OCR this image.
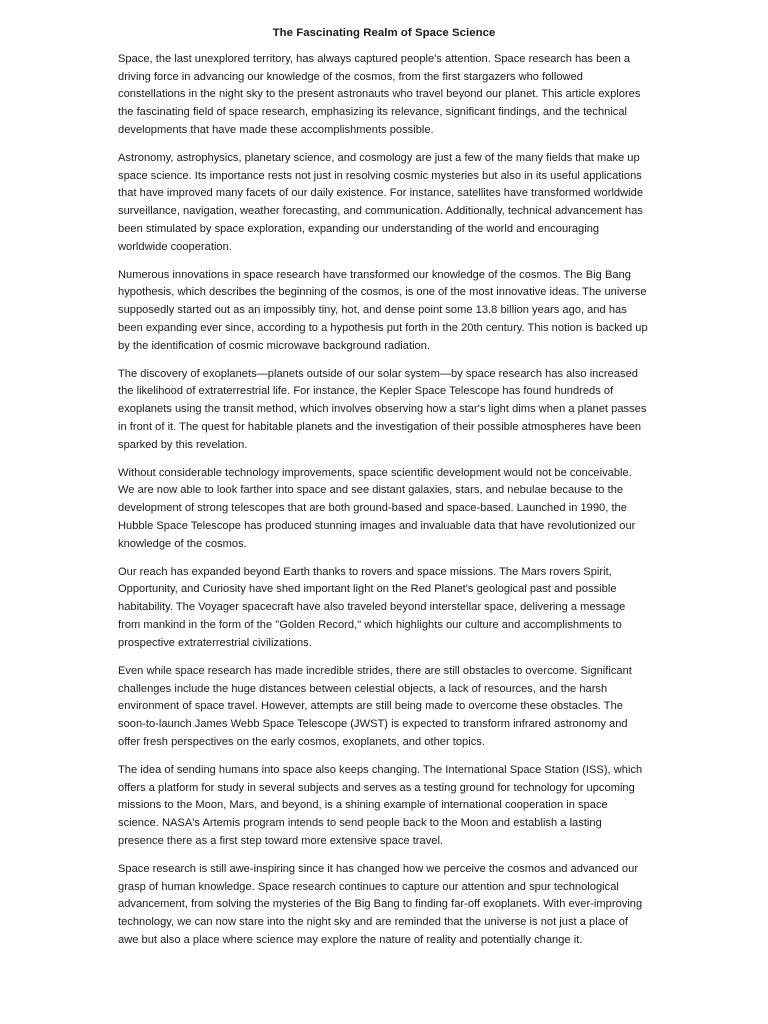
The Fascinating Realm of Space Science

Space, the last unexplored territory, has always captured people's attention. Space research has been a driving force in advancing our knowledge of the cosmos, from the first stargazers who followed constellations in the night sky to the present astronauts who travel beyond our planet. This article explores the fascinating field of space research, emphasizing its relevance, significant findings, and the technical developments that have made these accomplishments possible.

Astronomy, astrophysics, planetary science, and cosmology are just a few of the many fields that make up space science. Its importance rests not just in resolving cosmic mysteries but also in its useful applications that have improved many facets of our daily existence. For instance, satellites have transformed worldwide surveillance, navigation, weather forecasting, and communication. Additionally, technical advancement has been stimulated by space exploration, expanding our understanding of the world and encouraging worldwide cooperation.

Numerous innovations in space research have transformed our knowledge of the cosmos. The Big Bang hypothesis, which describes the beginning of the cosmos, is one of the most innovative ideas. The universe supposedly started out as an impossibly tiny, hot, and dense point some 13.8 billion years ago, and has been expanding ever since, according to a hypothesis put forth in the 20th century. This notion is backed up by the identification of cosmic microwave background radiation.

The discovery of exoplanets—planets outside of our solar system—by space research has also increased the likelihood of extraterrestrial life. For instance, the Kepler Space Telescope has found hundreds of exoplanets using the transit method, which involves observing how a star's light dims when a planet passes in front of it. The quest for habitable planets and the investigation of their possible atmospheres have been sparked by this revelation.

Without considerable technology improvements, space scientific development would not be conceivable. We are now able to look farther into space and see distant galaxies, stars, and nebulae because to the development of strong telescopes that are both ground-based and space-based. Launched in 1990, the Hubble Space Telescope has produced stunning images and invaluable data that have revolutionized our knowledge of the cosmos.

Our reach has expanded beyond Earth thanks to rovers and space missions. The Mars rovers Spirit, Opportunity, and Curiosity have shed important light on the Red Planet's geological past and possible habitability. The Voyager spacecraft have also traveled beyond interstellar space, delivering a message from mankind in the form of the "Golden Record," which highlights our culture and accomplishments to prospective extraterrestrial civilizations.

Even while space research has made incredible strides, there are still obstacles to overcome. Significant challenges include the huge distances between celestial objects, a lack of resources, and the harsh environment of space travel. However, attempts are still being made to overcome these obstacles. The soon-to-launch James Webb Space Telescope (JWST) is expected to transform infrared astronomy and offer fresh perspectives on the early cosmos, exoplanets, and other topics.

The idea of sending humans into space also keeps changing. The International Space Station (ISS), which offers a platform for study in several subjects and serves as a testing ground for technology for upcoming missions to the Moon, Mars, and beyond, is a shining example of international cooperation in space science. NASA's Artemis program intends to send people back to the Moon and establish a lasting presence there as a first step toward more extensive space travel.

Space research is still awe-inspiring since it has changed how we perceive the cosmos and advanced our grasp of human knowledge. Space research continues to capture our attention and spur technological advancement, from solving the mysteries of the Big Bang to finding far-off exoplanets. With ever-improving technology, we can now stare into the night sky and are reminded that the universe is not just a place of awe but also a place where science may explore the nature of reality and potentially change it.
